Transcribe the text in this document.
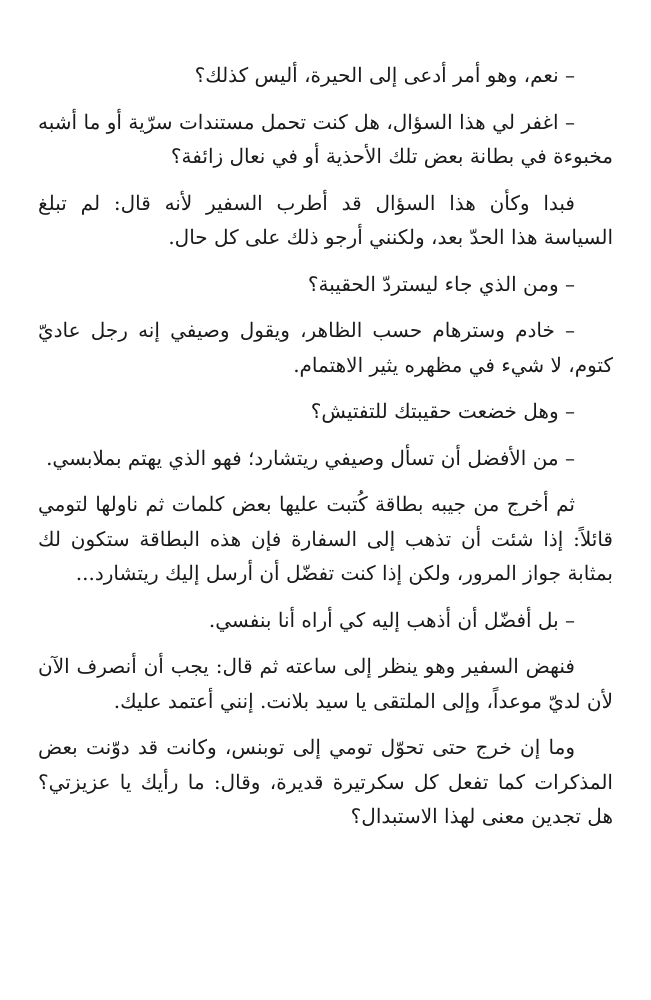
– نعم، وهو أمر أدعى إلى الحيرة، أليس كذلك؟

– اغفر لي هذا السؤال، هل كنت تحمل مستندات سرّية أو ما أشبه مخبوءة في بطانة بعض تلك الأحذية أو في نعال زائفة؟

فبدا وكأن هذا السؤال قد أطرب السفير لأنه قال: لم تبلغ السياسة هذا الحدّ بعد، ولكنني أرجو ذلك على كل حال.

– ومن الذي جاء ليستردّ الحقيبة؟

– خادم وسترهام حسب الظاهر، ويقول وصيفي إنه رجل عاديّ كتوم، لا شيء في مظهره يثير الاهتمام.

– وهل خضعت حقيبتك للتفتيش؟

– من الأفضل أن تسأل وصيفي ريتشارد؛ فهو الذي يهتم بملابسي.

ثم أخرج من جيبه بطاقة كُتبت عليها بعض كلمات ثم ناولها لتومي قائلاً: إذا شئت أن تذهب إلى السفارة فإن هذه البطاقة ستكون لك بمثابة جواز المرور، ولكن إذا كنت تفضّل أن أرسل إليك ريتشارد...

– بل أفضّل أن أذهب إليه كي أراه أنا بنفسي.

فنهض السفير وهو ينظر إلى ساعته ثم قال: يجب أن أنصرف الآن لأن لديّ موعداً، وإلى الملتقى يا سيد بلانت. إنني أعتمد عليك.

وما إن خرج حتى تحوّل تومي إلى توبنس، وكانت قد دوّنت بعض المذكرات كما تفعل كل سكرتيرة قديرة، وقال: ما رأيك يا عزيزتي؟ هل تجدين معنى لهذا الاستبدال؟
